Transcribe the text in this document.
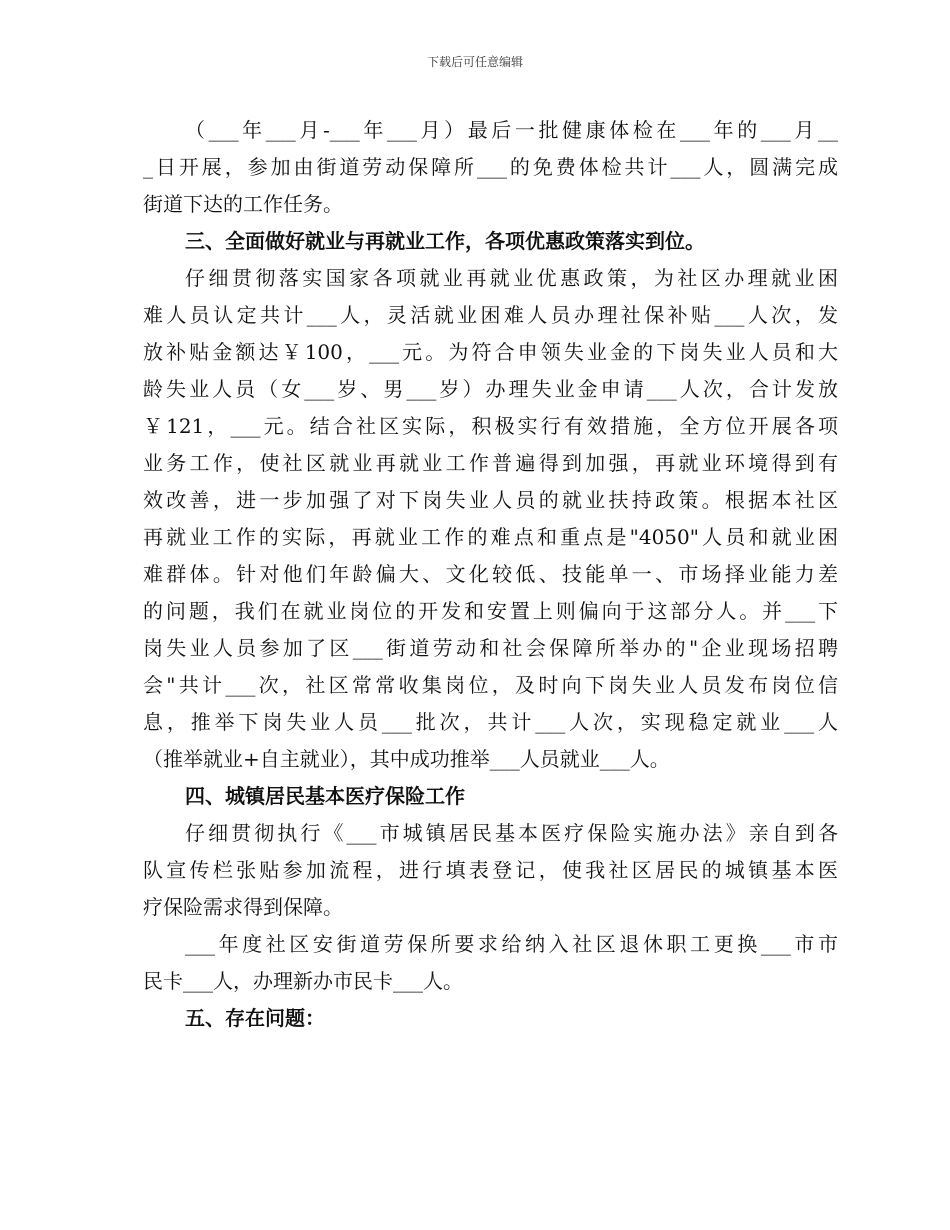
下载后可任意编辑
（___年___月-___年___月）最后一批健康体检在___年的___月__
_日开展，参加由街道劳动保障所___的免费体检共计___人，圆满完成
街道下达的工作任务。
三、全面做好就业与再就业工作，各项优惠政策落实到位。
仔细贯彻落实国家各项就业再就业优惠政策，为社区办理就业困
难人员认定共计___人，灵活就业困难人员办理社保补贴___人次，发
放补贴金额达￥100，___元。为符合申领失业金的下岗失业人员和大
龄失业人员（女___岁、男___岁）办理失业金申请___人次，合计发放
￥121，___元。结合社区实际，积极实行有效措施，全方位开展各项
业务工作，使社区就业再就业工作普遍得到加强，再就业环境得到有
效改善，进一步加强了对下岗失业人员的就业扶持政策。根据本社区
再就业工作的实际，再就业工作的难点和重点是"4050"人员和就业困
难群体。针对他们年龄偏大、文化较低、技能单一、市场择业能力差
的问题，我们在就业岗位的开发和安置上则偏向于这部分人。并___下
岗失业人员参加了区___街道劳动和社会保障所举办的"企业现场招聘
会"共计___次，社区常常收集岗位，及时向下岗失业人员发布岗位信
息，推举下岗失业人员___批次，共计___人次，实现稳定就业___人
（推举就业+自主就业），其中成功推举___人员就业___人。
四、城镇居民基本医疗保险工作
仔细贯彻执行《___市城镇居民基本医疗保险实施办法》亲自到各
队宣传栏张贴参加流程，进行填表登记，使我社区居民的城镇基本医
疗保险需求得到保障。
___年度社区安街道劳保所要求给纳入社区退休职工更换___市市
民卡___人，办理新办市民卡___人。
五、存在问题：
